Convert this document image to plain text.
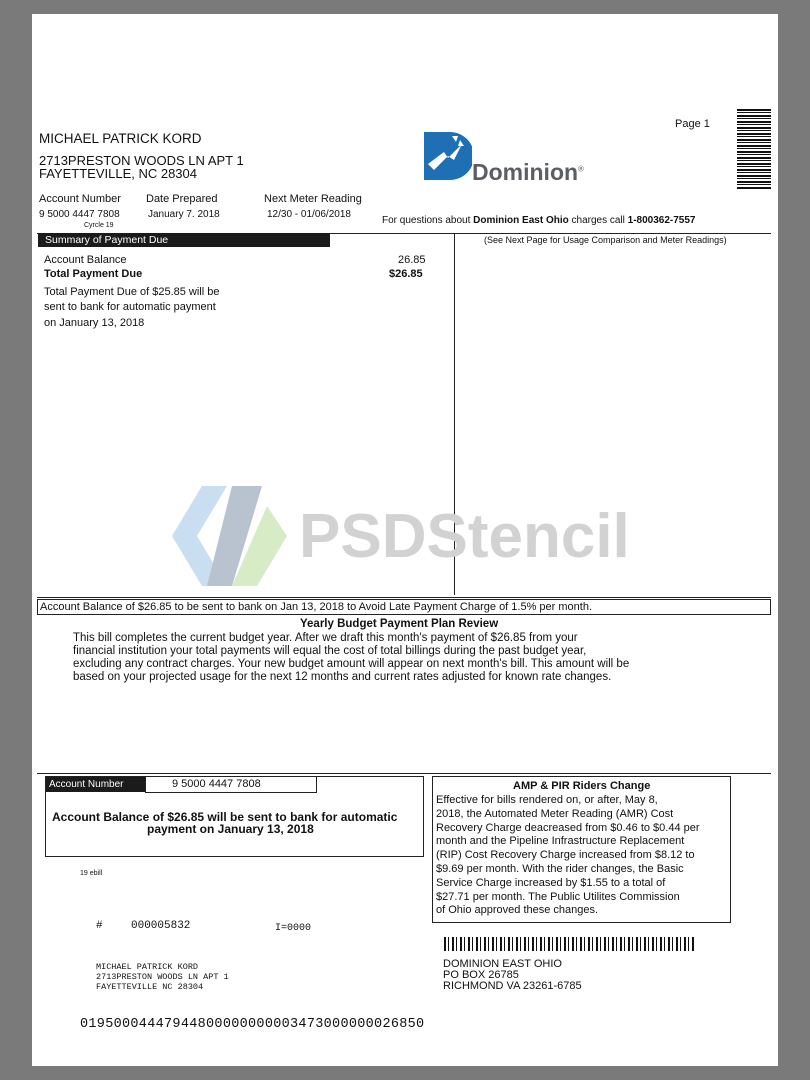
Page 1
MICHAEL PATRICK KORD
2713PRESTON WOODS LN APT 1
FAYETTEVILLE, NC 28304	Dominion®
Account Number
9 5000 4447 7808
Cyrcle 19
Date Prepared
January 7. 2018
Next Meter Reading
12/30 - 01/06/2018
For questions about Dominion East Ohio charges call 1-800362-7557
Summary of Payment Due	(See Next Page for Usage Comparison and Meter Readings)
Account Balance	26.85
Total Payment Due	$26.85
Total Payment Due of $25.85 will be
sent to bank for automatic payment
on January 13, 2018
PSDStencil
Account Balance of $26.85 to be sent to bank on Jan 13, 2018 to Avoid Late Payment Charge of 1.5% per month.
Yearly Budget Payment Plan Review
This bill completes the current budget year. After we draft this month's payment of $26.85 from your
financial institution your total payments will equal the cost of total billings during the past budget year,
excluding any contract charges. Your new budget amount will appear on next month's bill. This amount will be
based on your projected usage for the next 12 months and current rates adjusted for known rate changes.
Account Number	9 5000 4447 7808
Account Balance of $26.85 will be sent to bank for automatic
payment on January 13, 2018
19 ebill
#	000005832	I=0000
MICHAEL PATRICK KORD
2713PRESTON WOODS LN APT 1
FAYETTEVILLE NC 28304
01950004447944800000000003473000000026850
AMP & PIR Riders Change
Effective for bills rendered on, or after, May 8,
2018, the Automated Meter Reading (AMR) Cost
Recovery Charge deacreased from $0.46 to $0.44 per
month and the Pipeline Infrastructure Replacement
(RIP) Cost Recovery Charge increased from $8.12 to
$9.69 per month. With the rider changes, the Basic
Service Charge increased by $1.55 to a total of
$27.71 per month. The Public Utilites Commission
of Ohio approved these changes.
DOMINION EAST OHIO
PO BOX 26785
RICHMOND VA 23261-6785
